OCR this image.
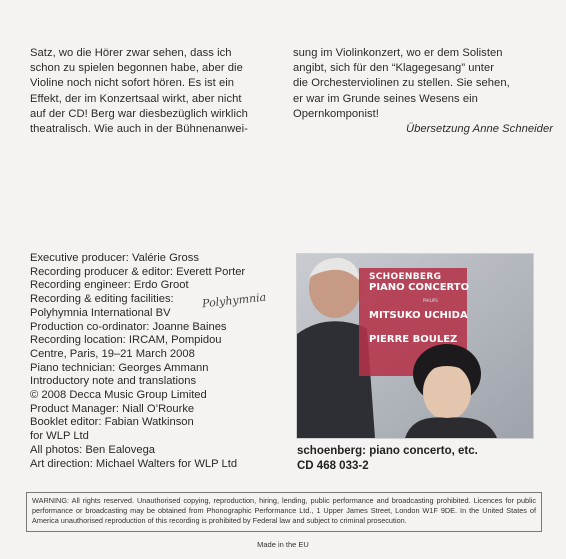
Satz, wo die Hörer zwar sehen, dass ich
schon zu spielen begonnen habe, aber die
Violine noch nicht sofort hören. Es ist ein
Effekt, der im Konzertsaal wirkt, aber nicht
auf der CD! Berg war diesbezüglich wirklich
theatralisch. Wie auch in der Bühnenanwei-
sung im Violinkonzert, wo er dem Solisten
angibt, sich für den “Klagegesang” unter
die Orchesterviolinen zu stellen. Sie sehen,
er war im Grunde seines Wesens ein
Opernkomponist!
Übersetzung Anne Schneider
Executive producer: Valérie Gross
Recording producer & editor: Everett Porter
Recording engineer: Erdo Groot
Recording & editing facilities:
Polyhymnia International BV
Production co-ordinator: Joanne Baines
Recording location: IRCAM, Pompidou
Centre, Paris, 19–21 March 2008
Piano technician: Georges Ammann
Introductory note and translations
© 2008 Decca Music Group Limited
Product Manager: Niall O’Rourke
Booklet editor: Fabian Watkinson
for WLP Ltd
All photos: Ben Ealovega
Art direction: Michael Walters for WLP Ltd
Polyhymnia
SCHOENBERG
PIANO CONCERTO
MITSUKO UCHIDA
PIERRE BOULEZ
PHILIPS
schoenberg: piano concerto, etc.
CD 468 033-2
WARNING: All rights reserved. Unauthorised copying, reproduction, hiring, lending, public performance and broadcasting prohibited. Licences for public performance or broadcasting may be obtained from Phonographic Performance Ltd., 1 Upper James Street, London W1F 9DE. In the United States of America unauthorised reproduction of this recording is prohibited by Federal law and subject to criminal prosecution.
Made in the EU
